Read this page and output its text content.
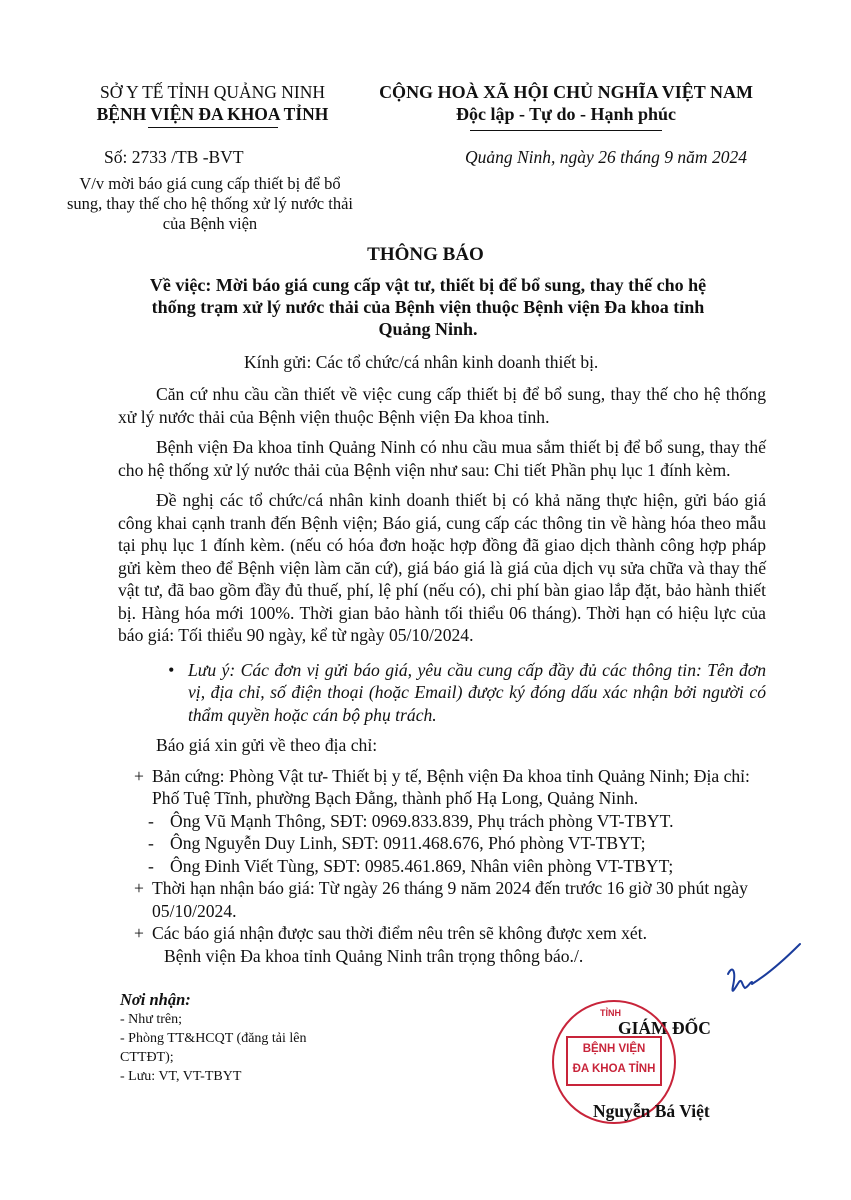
SỞ Y TẾ TỈNH QUẢNG NINH
BỆNH VIỆN ĐA KHOA TỈNH
CỘNG HOÀ XÃ HỘI CHỦ NGHĨA VIỆT NAM
Độc lập - Tự do - Hạnh phúc
Số: 2733 /TB -BVT	Quảng Ninh, ngày 26 tháng 9 năm 2024
V/v mời báo giá cung cấp thiết bị để bổ
sung, thay thế cho hệ thống xử lý nước thải
của Bệnh viện
THÔNG BÁO
Về việc: Mời báo giá cung cấp vật tư, thiết bị để bổ sung, thay thế cho hệ
thống trạm xử lý nước thải của Bệnh viện thuộc Bệnh viện Đa khoa tỉnh
Quảng Ninh.
Kính gửi: Các tổ chức/cá nhân kinh doanh thiết bị.

Căn cứ nhu cầu cần thiết về việc cung cấp thiết bị để bổ sung, thay thế cho hệ thống xử lý nước thải của Bệnh viện thuộc Bệnh viện Đa khoa tỉnh.

Bệnh viện Đa khoa tỉnh Quảng Ninh có nhu cầu mua sắm thiết bị để bổ sung, thay thế cho hệ thống xử lý nước thải của Bệnh viện như sau: Chi tiết Phần phụ lục 1 đính kèm.

Đề nghị các tổ chức/cá nhân kinh doanh thiết bị có khả năng thực hiện, gửi báo giá công khai cạnh tranh đến Bệnh viện; Báo giá, cung cấp các thông tin về hàng hóa theo mẫu tại phụ lục 1 đính kèm. (nếu có hóa đơn hoặc hợp đồng đã giao dịch thành công hợp pháp gửi kèm theo để Bệnh viện làm căn cứ), giá báo giá là giá của dịch vụ sửa chữa và thay thế vật tư, đã bao gồm đầy đủ thuế, phí, lệ phí (nếu có), chi phí bàn giao lắp đặt, bảo hành thiết bị. Hàng hóa mới 100%. Thời gian bảo hành tối thiểu 06 tháng). Thời hạn có hiệu lực của báo giá: Tối thiểu 90 ngày, kể từ ngày 05/10/2024.

• Lưu ý: Các đơn vị gửi báo giá, yêu cầu cung cấp đầy đủ các thông tin: Tên đơn vị, địa chỉ, số điện thoại (hoặc Email) được ký đóng dấu xác nhận bởi người có thẩm quyền hoặc cán bộ phụ trách.
Báo giá xin gửi về theo địa chỉ:
+ Bản cứng: Phòng Vật tư- Thiết bị y tế, Bệnh viện Đa khoa tỉnh Quảng Ninh; Địa chỉ: Phố Tuệ Tĩnh, phường Bạch Đằng, thành phố Hạ Long, Quảng Ninh.
- Ông Vũ Mạnh Thông, SĐT: 0969.833.839, Phụ trách phòng VT-TBYT.
- Ông Nguyễn Duy Linh, SĐT: 0911.468.676, Phó phòng VT-TBYT;
- Ông Đinh Viết Tùng, SĐT: 0985.461.869, Nhân viên phòng VT-TBYT;
+ Thời hạn nhận báo giá: Từ ngày 26 tháng 9 năm 2024 đến trước 16 giờ 30 phút ngày 05/10/2024.
+ Các báo giá nhận được sau thời điểm nêu trên sẽ không được xem xét.
Bệnh viện Đa khoa tỉnh Quảng Ninh trân trọng thông báo./.
Nơi nhận:
- Như trên;
- Phòng TT&HCQT (đăng tải lên
CTTĐT);
- Lưu: VT, VT-TBYT
GIÁM ĐỐC
BỆNH VIỆN
ĐA KHOA TỈNH
TỈNH
Nguyễn Bá Việt
